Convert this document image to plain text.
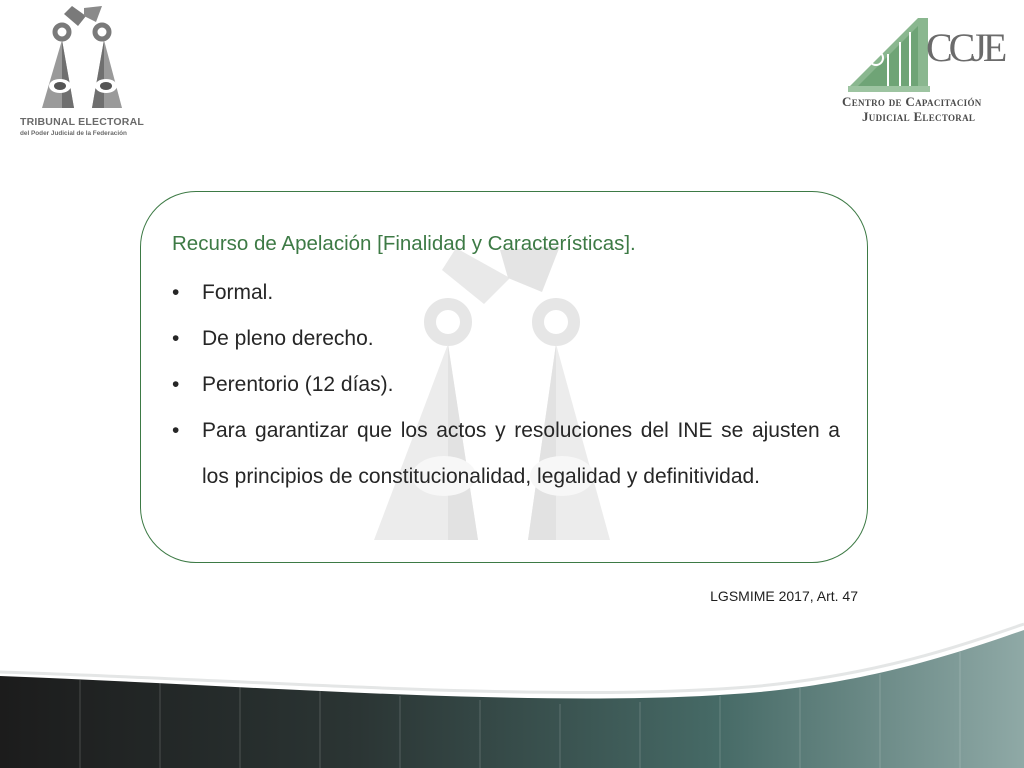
TRIBUNAL ELECTORAL
del Poder Judicial de la Federación
CCJE
Centro de Capacitación
Judicial Electoral
Recurso de Apelación [Finalidad y Características].
• Formal.
• De pleno derecho.
• Perentorio (12 días).
• Para garantizar que los actos y resoluciones del INE se ajusten a los principios de constitucionalidad, legalidad y definitividad.
LGSMIME 2017, Art. 47
